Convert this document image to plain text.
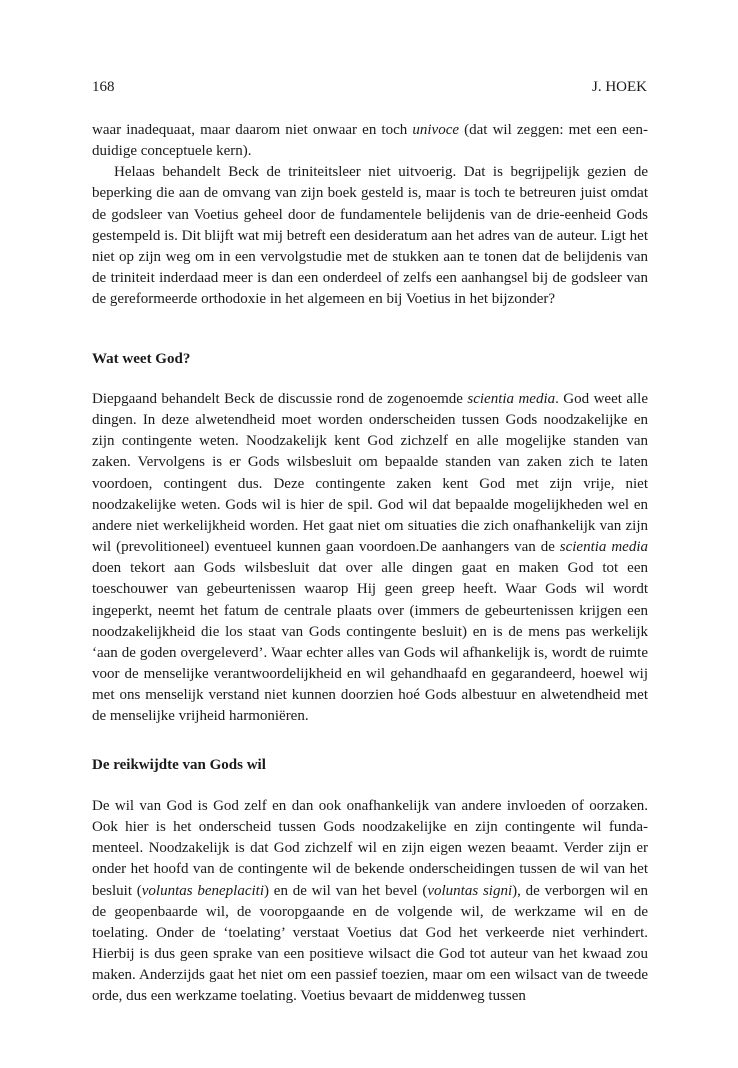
168	J. HOEK

waar inadequaat, maar daarom niet onwaar en toch univoce (dat wil zeggen: met een eenduidige conceptuele kern).

Helaas behandelt Beck de triniteitsleer niet uitvoerig. Dat is begrijpelijk gezien de beperking die aan de omvang van zijn boek gesteld is, maar is toch te betreuren juist omdat de godsleer van Voetius geheel door de fundamentele belijdenis van de drie-eenheid Gods gestempeld is. Dit blijft wat mij betreft een desideratum aan het adres van de auteur. Ligt het niet op zijn weg om in een vervolgstudie met de stukken aan te tonen dat de belijdenis van de triniteit inderdaad meer is dan een onderdeel of zelfs een aanhangsel bij de godsleer van de gereformeerde orthodoxie in het algemeen en bij Voetius in het bijzonder?

Wat weet God?

Diepgaand behandelt Beck de discussie rond de zogenoemde scientia media. God weet alle dingen. In deze alwetendheid moet worden onderscheiden tussen Gods noodzakelijke en zijn contingente weten. Noodzakelijk kent God zichzelf en alle mogelijke standen van zaken. Vervolgens is er Gods wilsbesluit om bepaalde standen van zaken zich te laten voordoen, contingent dus. Deze contingente zaken kent God met zijn vrije, niet noodzakelijke weten. Gods wil is hier de spil. God wil dat bepaalde mogelijkheden wel en andere niet werkelijkheid worden. Het gaat niet om situaties die zich onafhankelijk van zijn wil (prevolitioneel) eventueel kunnen gaan voordoen.De aanhangers van de scientia media doen tekort aan Gods wilsbesluit dat over alle dingen gaat en maken God tot een toeschouwer van gebeurtenissen waarop Hij geen greep heeft. Waar Gods wil wordt ingeperkt, neemt het fatum de centrale plaats over (immers de gebeurtenissen krijgen een noodzakelijkheid die los staat van Gods contingente besluit) en is de mens pas werkelijk ‘aan de goden overgeleverd’. Waar echter alles van Gods wil afhankelijk is, wordt de ruimte voor de menselijke verantwoordelijkheid en wil gehandhaafd en gegarandeerd, hoewel wij met ons menselijk verstand niet kunnen doorzien hoé Gods albestuur en alwetendheid met de menselijke vrijheid harmoniëren.

De reikwijdte van Gods wil

De wil van God is God zelf en dan ook onafhankelijk van andere invloeden of oorzaken. Ook hier is het onderscheid tussen Gods noodzakelijke en zijn contingente wil fundamenteel. Noodzakelijk is dat God zichzelf wil en zijn eigen wezen beaamt. Verder zijn er onder het hoofd van de contingente wil de bekende onderscheidingen tussen de wil van het besluit (voluntas beneplaciti) en de wil van het bevel (voluntas signi), de verborgen wil en de geopenbaarde wil, de vooropgaande en de volgende wil, de werkzame wil en de toelating. Onder de ‘toelating’ verstaat Voetius dat God het verkeerde niet verhindert. Hierbij is dus geen sprake van een positieve wilsact die God tot auteur van het kwaad zou maken. Anderzijds gaat het niet om een passief toezien, maar om een wilsact van de tweede orde, dus een werkzame toelating. Voetius bevaart de middenweg tussen
